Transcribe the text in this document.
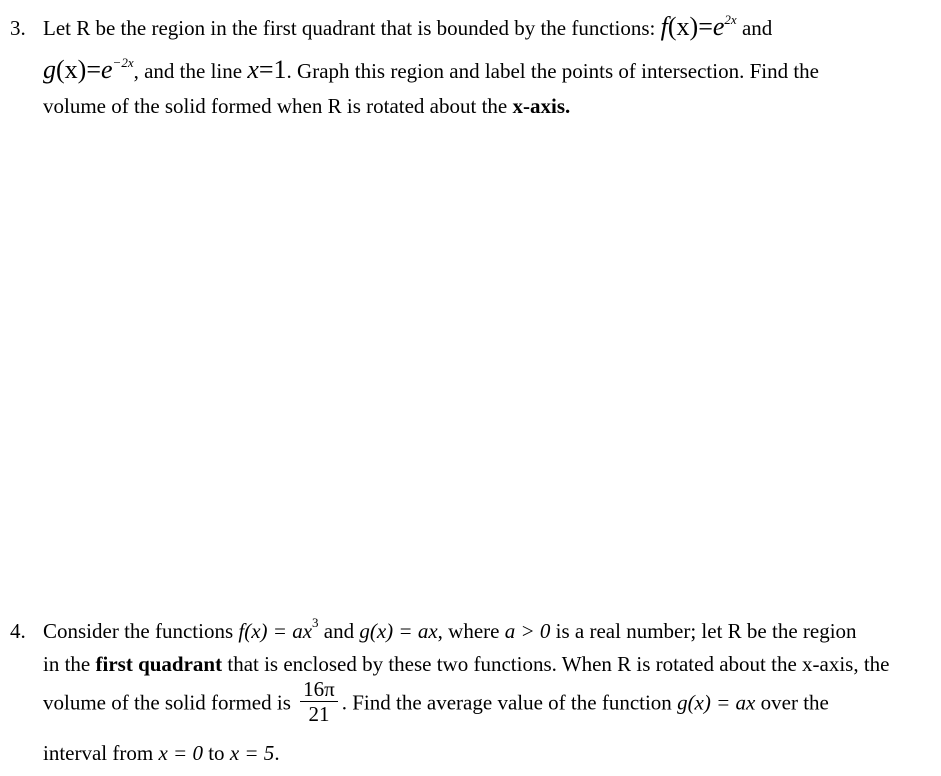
3. Let R be the region in the first quadrant that is bounded by the functions: $f(x)=e^{2x}$ and
$g(x)=e^{-2x}$, and the line x=1. Graph this region and label the points of intersection. Find the
volume of the solid formed when R is rotated about the x-axis.
4. Consider the functions $f(x) = ax^3$ and g(x) = ax, where a > 0 is a real number; let R be the region
in the first quadrant that is enclosed by these two functions. When R is rotated about the x-axis, the
volume of the solid formed is $\frac{16\pi}{21}$ . Find the average value of the function g(x) = ax over the
interval from x = 0 to x = 5.
